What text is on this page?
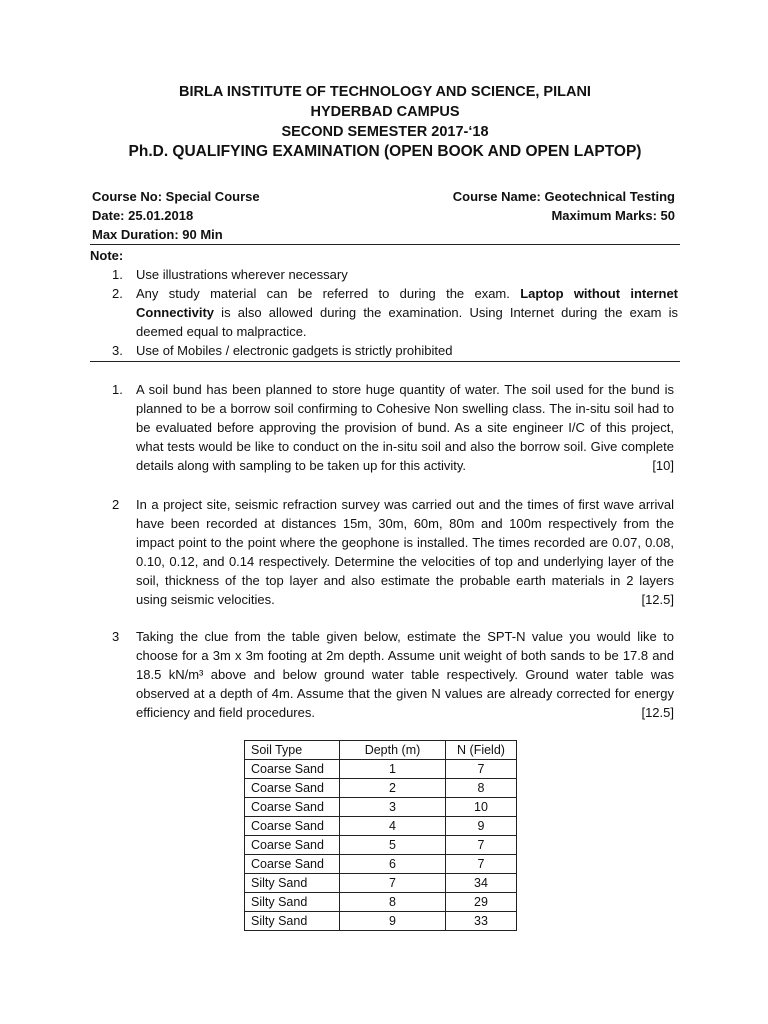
BIRLA INSTITUTE OF TECHNOLOGY AND SCIENCE, PILANI
HYDERBAD CAMPUS
SECOND SEMESTER 2017-‘18
Ph.D. QUALIFYING EXAMINATION (OPEN BOOK AND OPEN LAPTOP)
Course No: Special Course	Course Name: Geotechnical Testing
Date: 25.01.2018	Maximum Marks: 50
Max Duration: 90 Min
Note:
1. Use illustrations wherever necessary
2. Any study material can be referred to during the exam. Laptop without internet Connectivity is also allowed during the examination. Using Internet during the exam is deemed equal to malpractice.
3. Use of Mobiles / electronic gadgets is strictly prohibited
1. A soil bund has been planned to store huge quantity of water. The soil used for the bund is planned to be a borrow soil confirming to Cohesive Non swelling class. The in-situ soil had to be evaluated before approving the provision of bund. As a site engineer I/C of this project, what tests would be like to conduct on the in-situ soil and also the borrow soil. Give complete details along with sampling to be taken up for this activity.	[10]
2 In a project site, seismic refraction survey was carried out and the times of first wave arrival have been recorded at distances 15m, 30m, 60m, 80m and 100m respectively from the impact point to the point where the geophone is installed. The times recorded are 0.07, 0.08, 0.10, 0.12, and 0.14 respectively. Determine the velocities of top and underlying layer of the soil, thickness of the top layer and also estimate the probable earth materials in 2 layers using seismic velocities.	[12.5]
3 Taking the clue from the table given below, estimate the SPT-N value you would like to choose for a 3m x 3m footing at 2m depth. Assume unit weight of both sands to be 17.8 and 18.5 kN/m³ above and below ground water table respectively. Ground water table was observed at a depth of 4m. Assume that the given N values are already corrected for energy efficiency and field procedures.	[12.5]
Soil Type	Depth (m)	N (Field)
Coarse Sand	1	7
Coarse Sand	2	8
Coarse Sand	3	10
Coarse Sand	4	9
Coarse Sand	5	7
Coarse Sand	6	7
Silty Sand	7	34
Silty Sand	8	29
Silty Sand	9	33
